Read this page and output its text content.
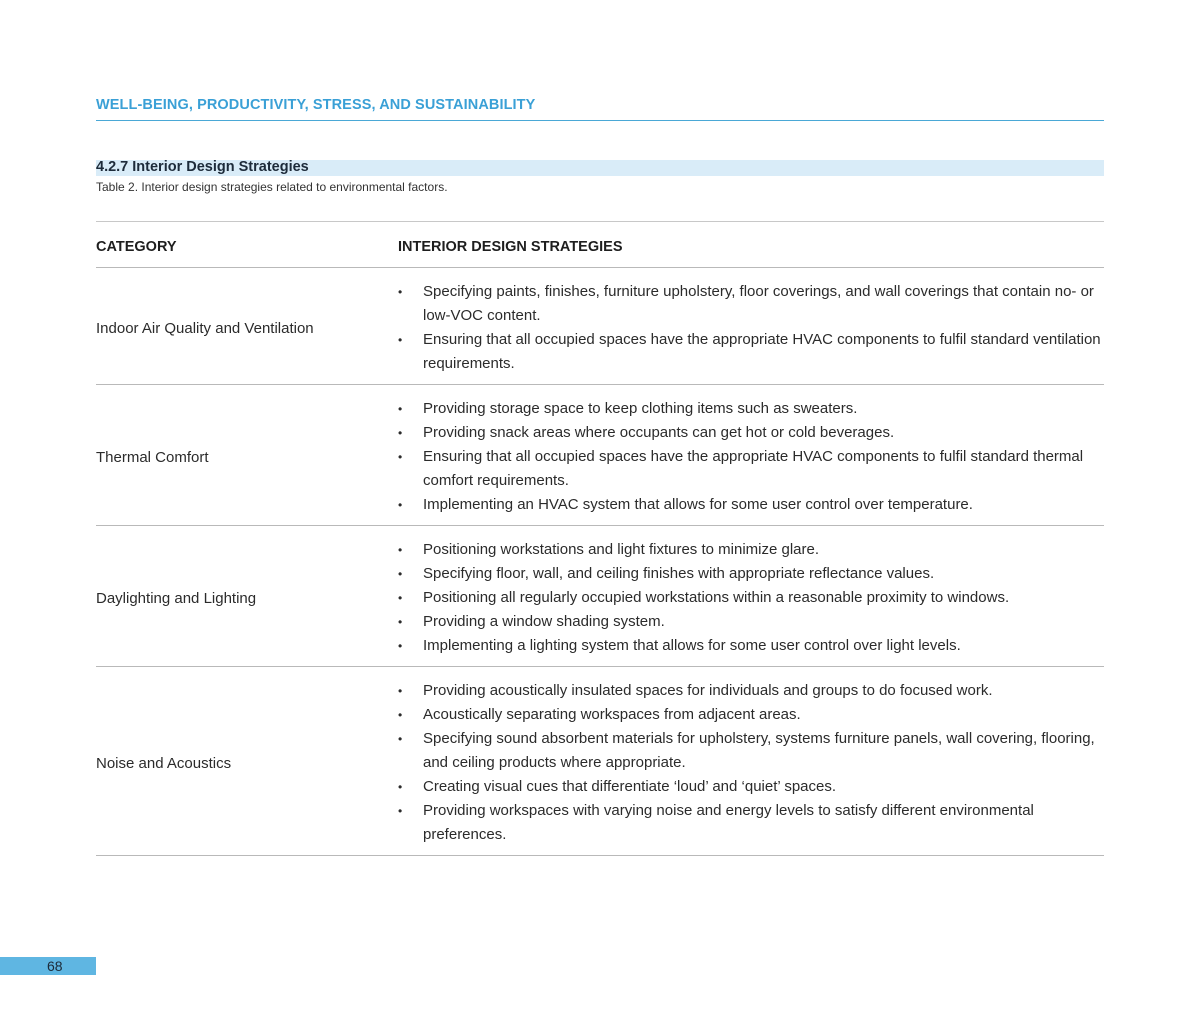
WELL-BEING, PRODUCTIVITY, STRESS, AND SUSTAINABILITY
4.2.7 Interior Design Strategies
Table 2. Interior design strategies related to environmental factors.
CATEGORY	INTERIOR DESIGN STRATEGIES
Indoor Air Quality and Ventilation
• Specifying paints, finishes, furniture upholstery, floor coverings, and wall coverings that contain no- or low-VOC content.
• Ensuring that all occupied spaces have the appropriate HVAC components to fulfil standard ventilation requirements.
Thermal Comfort
• Providing storage space to keep clothing items such as sweaters.
• Providing snack areas where occupants can get hot or cold beverages.
• Ensuring that all occupied spaces have the appropriate HVAC components to fulfil standard thermal comfort requirements.
• Implementing an HVAC system that allows for some user control over temperature.
Daylighting and Lighting
• Positioning workstations and light fixtures to minimize glare.
• Specifying floor, wall, and ceiling finishes with appropriate reflectance values.
• Positioning all regularly occupied workstations within a reasonable proximity to windows.
• Providing a window shading system.
• Implementing a lighting system that allows for some user control over light levels.
Noise and Acoustics
• Providing acoustically insulated spaces for individuals and groups to do focused work.
• Acoustically separating workspaces from adjacent areas.
• Specifying sound absorbent materials for upholstery, systems furniture panels, wall covering, flooring, and ceiling products where appropriate.
• Creating visual cues that differentiate ‘loud’ and ‘quiet’ spaces.
• Providing workspaces with varying noise and energy levels to satisfy different environmental preferences.
68
